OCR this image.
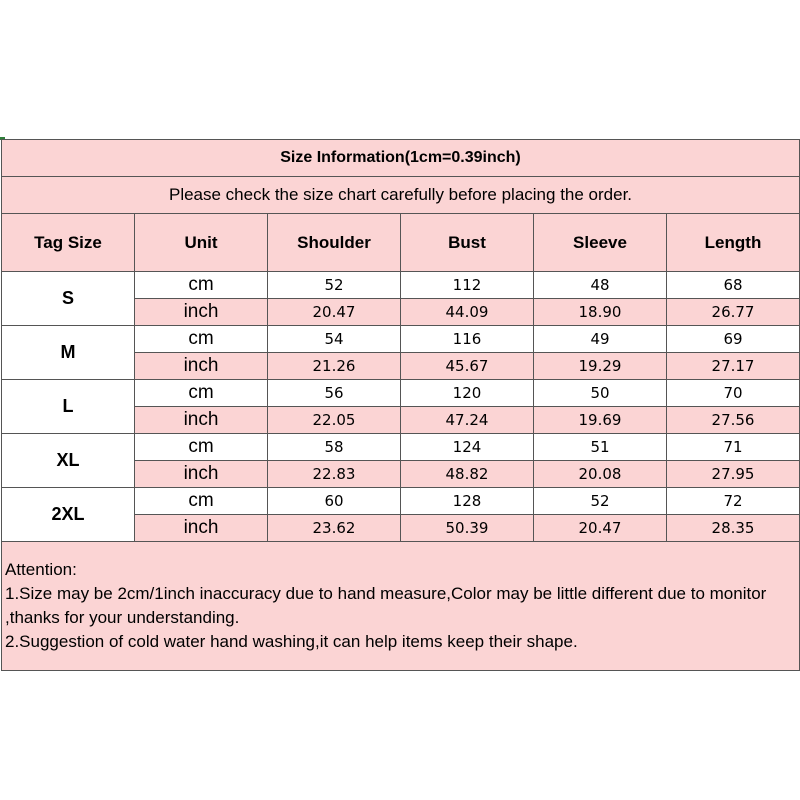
Size Information(1cm=0.39inch)					
Please check the size chart carefully before placing the order.					
Tag Size	Unit	Shoulder	Bust	Sleeve	Length
S	cm	52	112	48	68
	inch	20.47	44.09	18.90	26.77
M	cm	54	116	49	69
	inch	21.26	45.67	19.29	27.17
L	cm	56	120	50	70
	inch	22.05	47.24	19.69	27.56
XL	cm	58	124	51	71
	inch	22.83	48.82	20.08	27.95
2XL	cm	60	128	52	72
	inch	23.62	50.39	20.47	28.35

Attention:
1.Size may be 2cm/1inch inaccuracy due to hand measure,Color may be little different due to monitor ,thanks for your understanding.
2.Suggestion of cold water hand washing,it can help items keep their shape.					
